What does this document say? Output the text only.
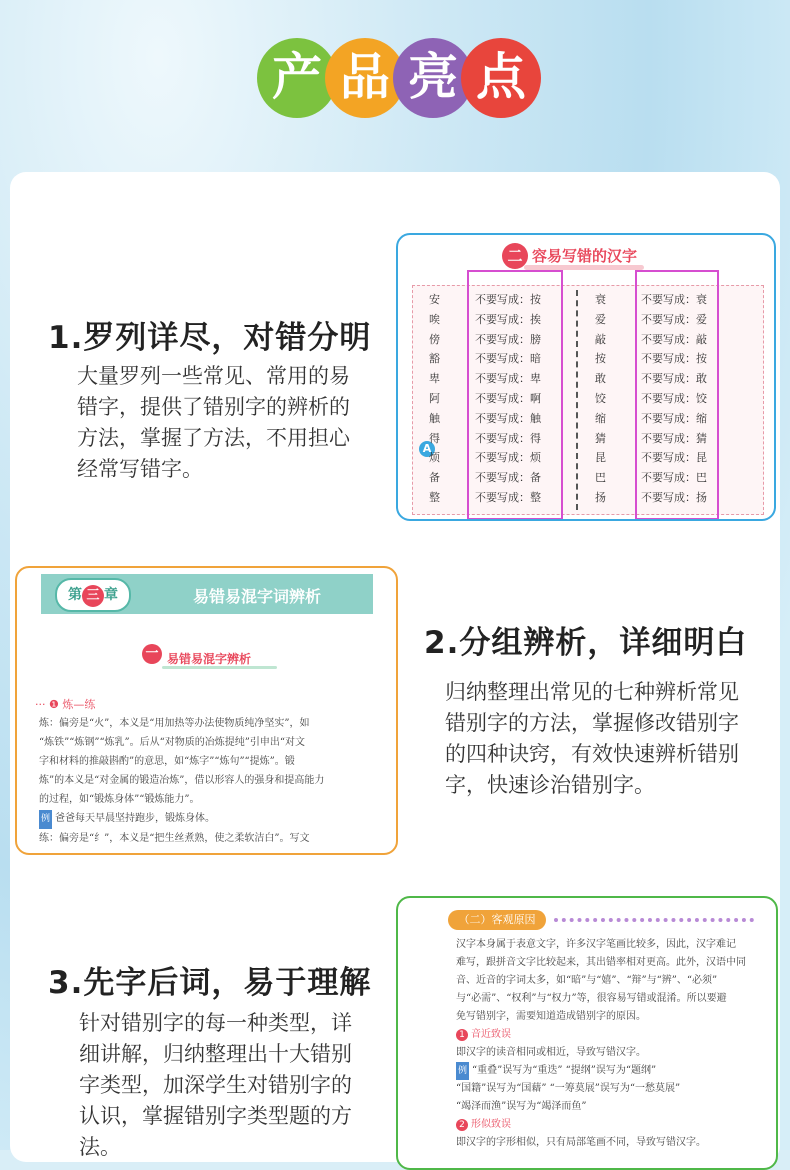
产 品 亮 点
1.罗列详尽，对错分明
大量罗列一些常见、常用的易
错字，提供了错别字的辨析的
方法，掌握了方法，不用担心
经常写错字。
二 容易写错的汉字
A
安
唉
傍
豁
卑
阿
触
得
烦
备
整
不要写成：按
不要写成：挨
不要写成：膀
不要写成：暗
不要写成：卑
不要写成：啊
不要写成：触
不要写成：得
不要写成：烦
不要写成：备
不要写成：整
衰
爱
敲
按
敢
饺
缩
猜
昆
巴
扬
不要写成：衰
不要写成：爱
不要写成：敲
不要写成：按
不要写成：敢
不要写成：饺
不要写成：缩
不要写成：猜
不要写成：昆
不要写成：巴
不要写成：扬
第 三 章	易错易混字词辨析
一 易错易混字辨析
··· ❶ 炼—练
炼：偏旁是“火”，本义是“用加热等办法使物质纯净坚实”，如
“炼铁”“炼钢”“炼乳”。后从“对物质的冶炼提纯”引申出“对文
字和材料的推敲斟酌”的意思，如“炼字”“炼句”“提炼”。锻
炼”的本义是“对金属的锻造冶炼”，借以形容人的强身和提高能力
的过程，如“锻炼身体”“锻炼能力”。
例 爸爸每天早晨坚持跑步，锻炼身体。
练：偏旁是“纟”，本义是“把生丝煮熟，使之柔软洁白”。写文
2.分组辨析，详细明白
归纳整理出常见的七种辨析常见
错别字的方法，掌握修改错别字
的四种诀窍，有效快速辨析错别
字，快速诊治错别字。
3.先字后词，易于理解
针对错别字的每一种类型，详
细讲解，归纳整理出十大错别
字类型，加深学生对错别字的
认识，掌握错别字类型题的方
法。
（二）客观原因
汉字本身属于表意文字，许多汉字笔画比较多，因此，汉字难记
难写，跟拼音文字比较起来，其出错率相对更高。此外，汉语中同
音、近音的字词太多，如“暗”与“嬉”、“辩”与“辨”、“必须”
与“必需”、“权利”与“权力”等，很容易写错或混淆。所以要避
免写错别字，需要知道造成错别字的原因。
1 音近致误
即汉字的读音相同或相近，导致写错汉字。
例 “重叠”误写为“重迭” “提纲”误写为“题纲”
“国籍”误写为“国藉” “一筹莫展”误写为“一愁莫展”
“竭泽而渔”误写为“竭泽而鱼”
2 形似致误
即汉字的字形相似，只有局部笔画不同，导致写错汉字。
